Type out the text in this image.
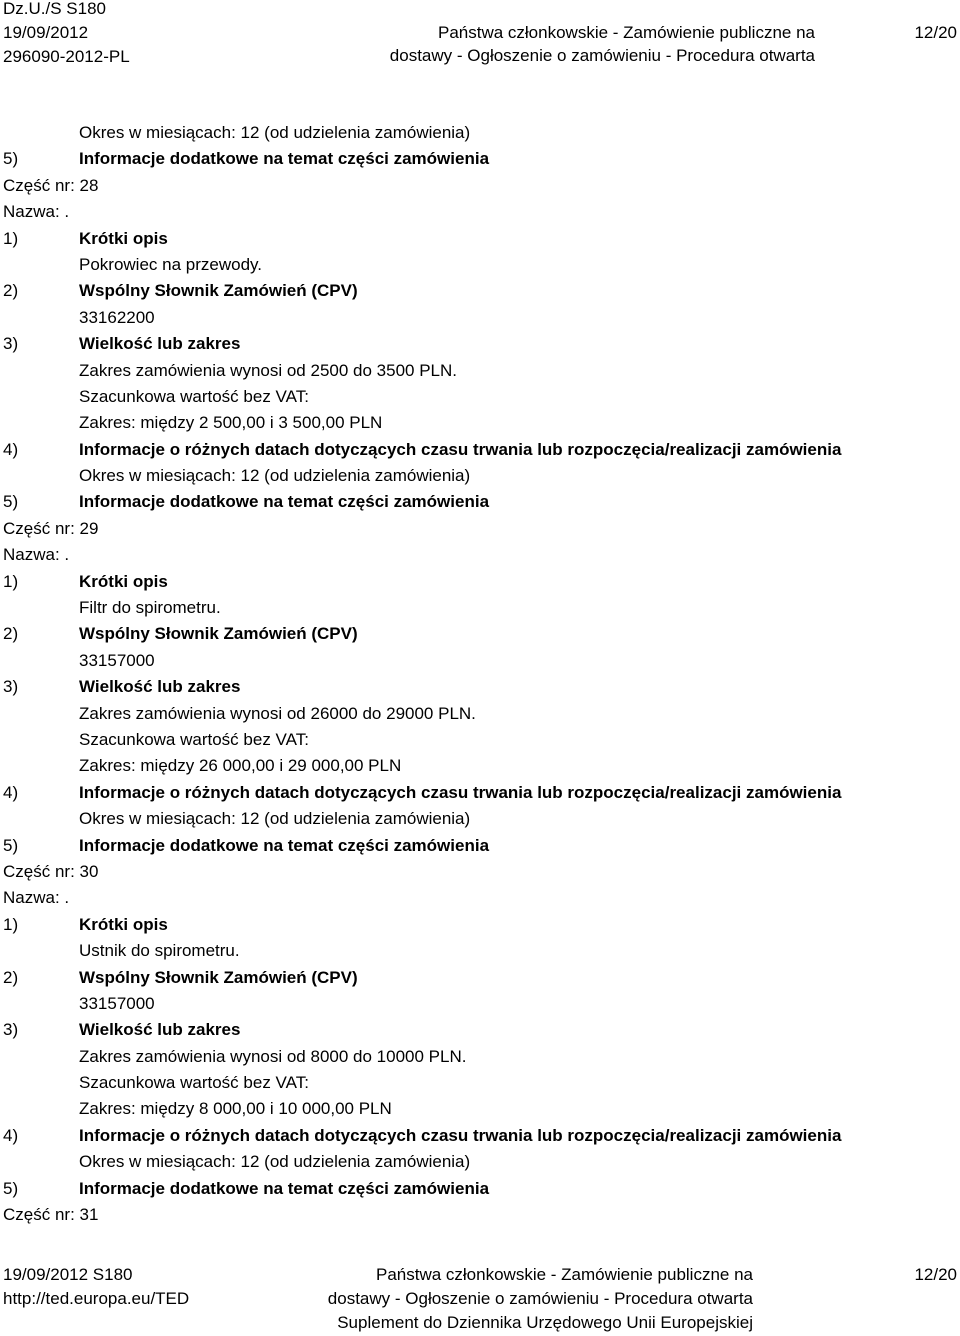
Dz.U./S S180
19/09/2012
296090-2012-PL
Państwa członkowskie - Zamówienie publiczne na
dostawy - Ogłoszenie o zamówieniu - Procedura otwarta
12/20
Okres w miesiącach: 12 (od udzielenia zamówienia)
5)	Informacje dodatkowe na temat części zamówienia
Część nr: 28
Nazwa: .
1)	Krótki opis
Pokrowiec na przewody.
2)	Wspólny Słownik Zamówień (CPV)
33162200
3)	Wielkość lub zakres
Zakres zamówienia wynosi od 2500 do 3500 PLN.
Szacunkowa wartość bez VAT:
Zakres: między 2 500,00 i 3 500,00 PLN
4)	Informacje o różnych datach dotyczących czasu trwania lub rozpoczęcia/realizacji zamówienia
Okres w miesiącach: 12 (od udzielenia zamówienia)
5)	Informacje dodatkowe na temat części zamówienia
Część nr: 29
Nazwa: .
1)	Krótki opis
Filtr do spirometru.
2)	Wspólny Słownik Zamówień (CPV)
33157000
3)	Wielkość lub zakres
Zakres zamówienia wynosi od 26000 do 29000 PLN.
Szacunkowa wartość bez VAT:
Zakres: między 26 000,00 i 29 000,00 PLN
4)	Informacje o różnych datach dotyczących czasu trwania lub rozpoczęcia/realizacji zamówienia
Okres w miesiącach: 12 (od udzielenia zamówienia)
5)	Informacje dodatkowe na temat części zamówienia
Część nr: 30
Nazwa: .
1)	Krótki opis
Ustnik do spirometru.
2)	Wspólny Słownik Zamówień (CPV)
33157000
3)	Wielkość lub zakres
Zakres zamówienia wynosi od 8000 do 10000 PLN.
Szacunkowa wartość bez VAT:
Zakres: między 8 000,00 i 10 000,00 PLN
4)	Informacje o różnych datach dotyczących czasu trwania lub rozpoczęcia/realizacji zamówienia
Okres w miesiącach: 12 (od udzielenia zamówienia)
5)	Informacje dodatkowe na temat części zamówienia
Część nr: 31
19/09/2012 S180
http://ted.europa.eu/TED
Państwa członkowskie - Zamówienie publiczne na
dostawy - Ogłoszenie o zamówieniu - Procedura otwarta
Suplement do Dziennika Urzędowego Unii Europejskiej
12/20
